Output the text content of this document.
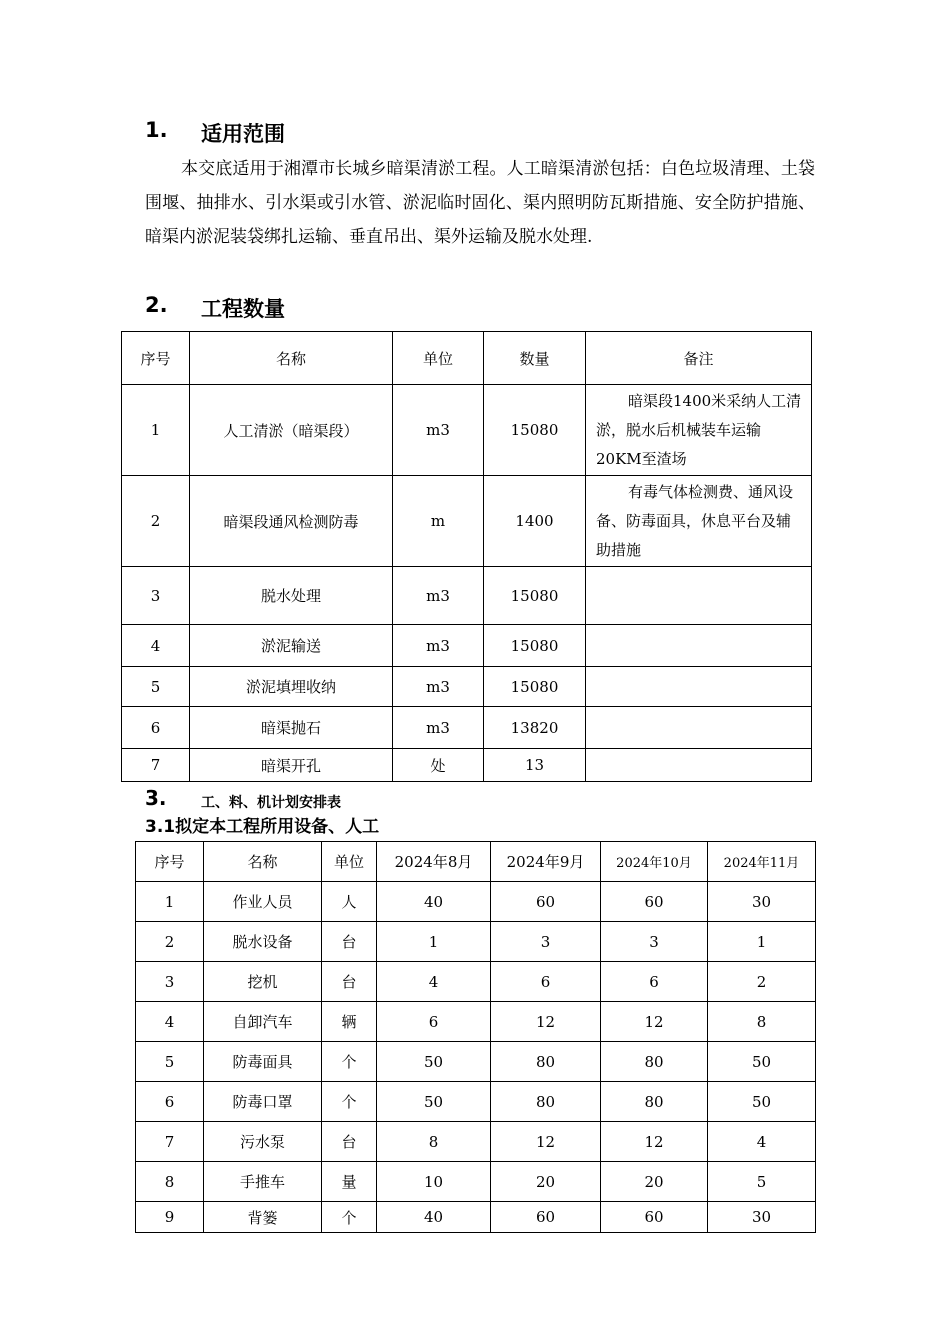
1. 适用范围
本交底适用于湘潭市长城乡暗渠清淤工程。人工暗渠清淤包括：白色垃圾清理、土袋围堰、抽排水、引水渠或引水管、淤泥临时固化、渠内照明防瓦斯措施、安全防护措施、暗渠内淤泥装袋绑扎运输、垂直吊出、渠外运输及脱水处理.
2. 工程数量
序号	名称	单位	数量	备注
1	人工清淤（暗渠段）	m3	15080	暗渠段1400米采纳人工清淤，脱水后机械装车运输20KM至渣场
2	暗渠段通风检测防毒	m	1400	有毒气体检测费、通风设备、防毒面具，休息平台及辅助措施
3	脱水处理	m3	15080	
4	淤泥输送	m3	15080	
5	淤泥填埋收纳	m3	15080	
6	暗渠抛石	m3	13820	
7	暗渠开孔	处	13	
3. 工、料、机计划安排表
3.1拟定本工程所用设备、人工
序号	名称	单位	2024年8月	2024年9月	2024年10月	2024年11月
1	作业人员	人	40	60	60	30
2	脱水设备	台	1	3	3	1
3	挖机	台	4	6	6	2
4	自卸汽车	辆	6	12	12	8
5	防毒面具	个	50	80	80	50
6	防毒口罩	个	50	80	80	50
7	污水泵	台	8	12	12	4
8	手推车	量	10	20	20	5
9	背篓	个	40	60	60	30
